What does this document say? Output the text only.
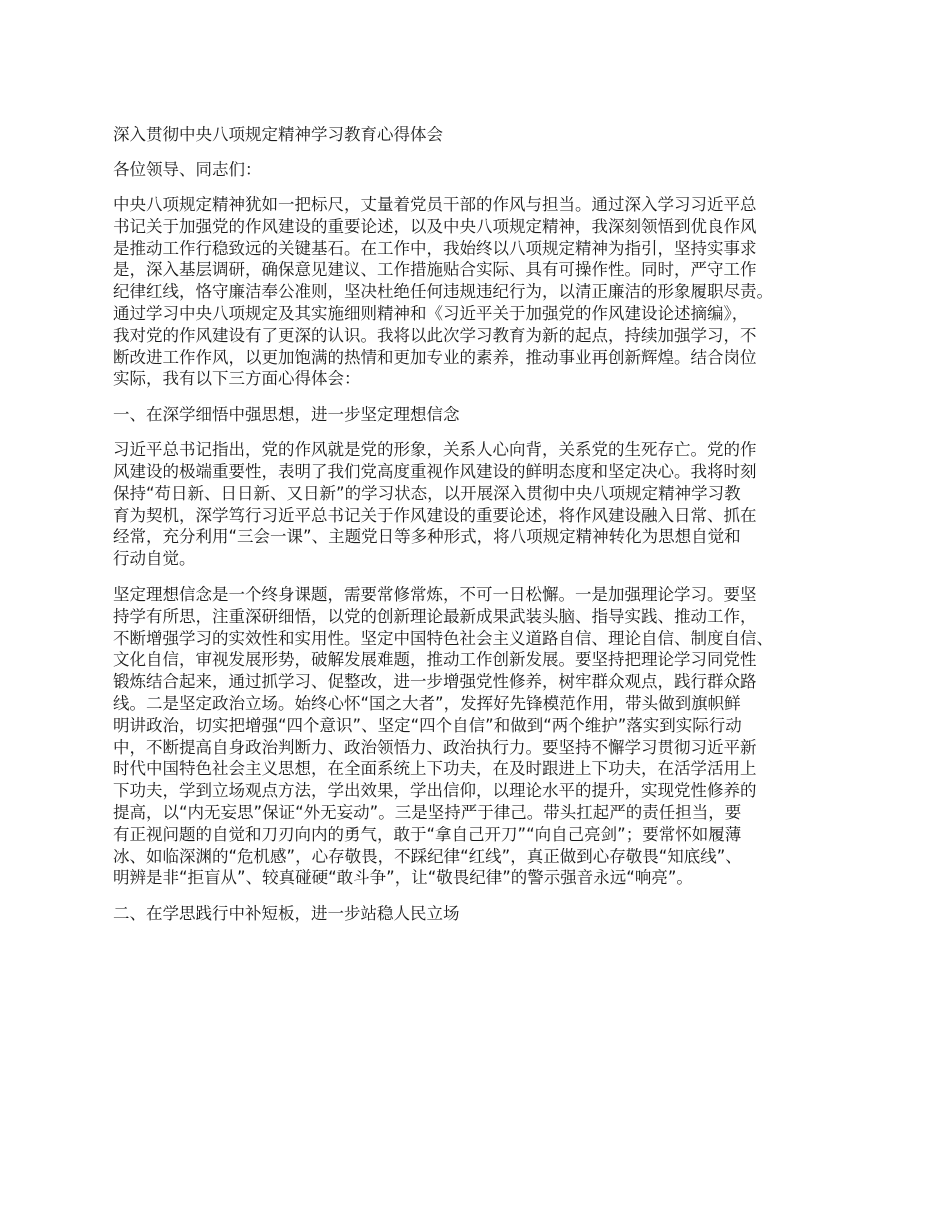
深入贯彻中央八项规定精神学习教育心得体会
各位领导、同志们：
中央八项规定精神犹如一把标尺，丈量着党员干部的作风与担当。通过深入学习习近平总
书记关于加强党的作风建设的重要论述，以及中央八项规定精神，我深刻领悟到优良作风
是推动工作行稳致远的关键基石。在工作中，我始终以八项规定精神为指引，坚持实事求
是，深入基层调研，确保意见建议、工作措施贴合实际、具有可操作性。同时，严守工作
纪律红线，恪守廉洁奉公准则，坚决杜绝任何违规违纪行为，以清正廉洁的形象履职尽责。
通过学习中央八项规定及其实施细则精神和《习近平关于加强党的作风建设论述摘编》，
我对党的作风建设有了更深的认识。我将以此次学习教育为新的起点，持续加强学习，不
断改进工作作风，以更加饱满的热情和更加专业的素养，推动事业再创新辉煌。结合岗位
实际，我有以下三方面心得体会：
一、在深学细悟中强思想，进一步坚定理想信念
习近平总书记指出，党的作风就是党的形象，关系人心向背，关系党的生死存亡。党的作
风建设的极端重要性，表明了我们党高度重视作风建设的鲜明态度和坚定决心。我将时刻
保持“苟日新、日日新、又日新”的学习状态，以开展深入贯彻中央八项规定精神学习教
育为契机，深学笃行习近平总书记关于作风建设的重要论述，将作风建设融入日常、抓在
经常，充分利用“三会一课”、主题党日等多种形式，将八项规定精神转化为思想自觉和
行动自觉。
坚定理想信念是一个终身课题，需要常修常炼，不可一日松懈。一是加强理论学习。要坚
持学有所思，注重深研细悟，以党的创新理论最新成果武装头脑、指导实践、推动工作，
不断增强学习的实效性和实用性。坚定中国特色社会主义道路自信、理论自信、制度自信、
文化自信，审视发展形势，破解发展难题，推动工作创新发展。要坚持把理论学习同党性
锻炼结合起来，通过抓学习、促整改，进一步增强党性修养，树牢群众观点，践行群众路
线。二是坚定政治立场。始终心怀“国之大者”，发挥好先锋模范作用，带头做到旗帜鲜
明讲政治，切实把增强“四个意识”、坚定“四个自信”和做到“两个维护”落实到实际行动
中，不断提高自身政治判断力、政治领悟力、政治执行力。要坚持不懈学习贯彻习近平新
时代中国特色社会主义思想，在全面系统上下功夫，在及时跟进上下功夫，在活学活用上
下功夫，学到立场观点方法，学出效果，学出信仰，以理论水平的提升，实现党性修养的
提高，以“内无妄思”保证“外无妄动”。三是坚持严于律己。带头扛起严的责任担当，要
有正视问题的自觉和刀刃向内的勇气，敢于“拿自己开刀”“向自己亮剑”；要常怀如履薄
冰、如临深渊的“危机感”，心存敬畏，不踩纪律“红线”，真正做到心存敬畏“知底线”、
明辨是非“拒盲从”、较真碰硬“敢斗争”，让“敬畏纪律”的警示强音永远“响亮”。
二、在学思践行中补短板，进一步站稳人民立场
